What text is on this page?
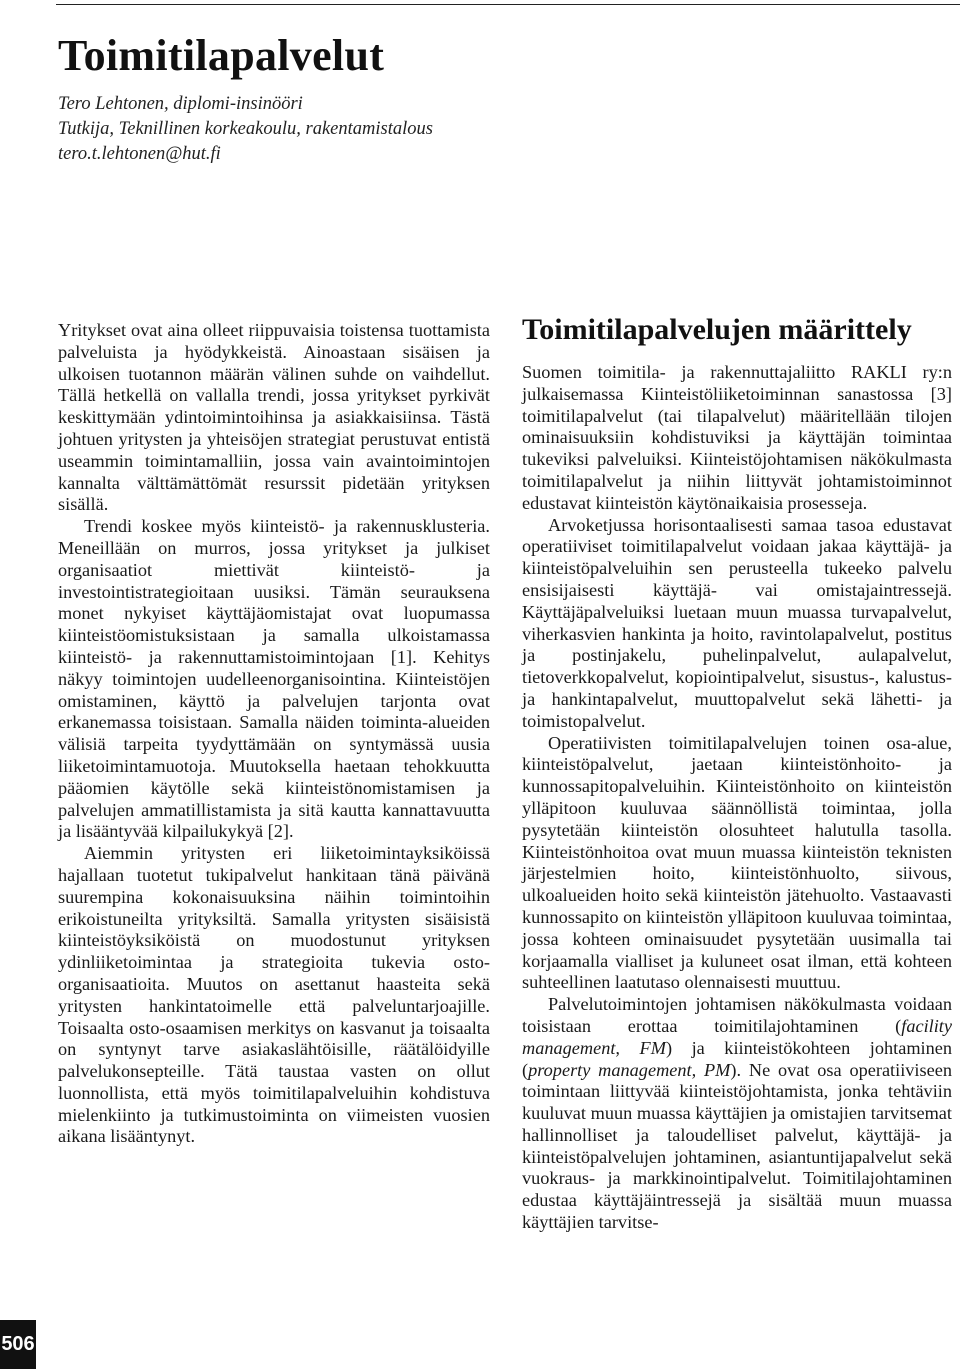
Toimitilapalvelut
Tero Lehtonen, diplomi-insinööri
Tutkija, Teknillinen korkeakoulu, rakentamistalous
tero.t.lehtonen@hut.fi

Yritykset ovat aina olleet riippuvaisia toistensa tuottamista palveluista ja hyödykkeistä. Ainoastaan sisäisen ja ulkoisen tuotannon määrän välinen suhde on vaihdellut. Tällä hetkellä on vallalla trendi, jossa yritykset pyrkivät keskittymään ydintoimintoihinsa ja asiakkaisiinsa. Tästä johtuen yritysten ja yhteisöjen strategiat perustuvat entistä useammin toimintamalliin, jossa vain avaintoimintojen kannalta välttämättömät resurssit pidetään yrityksen sisällä.

Trendi koskee myös kiinteistö- ja rakennusklusteria. Meneillään on murros, jossa yritykset ja julkiset organisaatiot miettivät kiinteistö- ja investointistrategioitaan uusiksi. Tämän seurauksena monet nykyiset käyttäjäomistajat ovat luopumassa kiinteistöomistuksistaan ja samalla ulkoistamassa kiinteistö- ja rakennuttamistoimintojaan [1]. Kehitys näkyy toimintojen uudelleenorganisointina. Kiinteistöjen omistaminen, käyttö ja palvelujen tarjonta ovat erkanemassa toisistaan. Samalla näiden toiminta-alueiden välisiä tarpeita tyydyttämään on syntymässä uusia liiketoimintamuotoja. Muutoksella haetaan tehokkuutta pääomien käytölle sekä kiinteistönomistamisen ja palvelujen ammatillistamista ja sitä kautta kannattavuutta ja lisääntyvää kilpailukykyä [2].

Aiemmin yritysten eri liiketoimintayksiköissä hajallaan tuotetut tukipalvelut hankitaan tänä päivänä suurempina kokonaisuuksina näihin toimintoihin erikoistuneilta yrityksiltä. Samalla yritysten sisäisistä kiinteistöyksiköistä on muodostunut yrityksen ydinliiketoimintaa ja strategioita tukevia osto-organisaatioita. Muutos on asettanut haasteita sekä yritysten hankintatoimelle että palveluntarjoajille. Toisaalta osto-osaamisen merkitys on kasvanut ja toisaalta on syntynyt tarve asiakaslähtöisille, räätälöidyille palvelukonsepteille. Tätä taustaa vasten on ollut luonnollista, että myös toimitilapalveluihin kohdistuva mielenkiinto ja tutkimustoiminta on viimeisten vuosien aikana lisääntynyt.

Toimitilapalvelujen määrittely

Suomen toimitila- ja rakennuttajaliitto RAKLI ry:n julkaisemassa Kiinteistöliiketoiminnan sanastossa [3] toimitilapalvelut (tai tilapalvelut) määritellään tilojen ominaisuuksiin kohdistuviksi ja käyttäjän toimintaa tukeviksi palveluiksi. Kiinteistöjohtamisen näkökulmasta toimitilapalvelut ja niihin liittyvät johtamistoiminnot edustavat kiinteistön käytönaikaisia prosesseja.

Arvoketjussa horisontaalisesti samaa tasoa edustavat operatiiviset toimitilapalvelut voidaan jakaa käyttäjä- ja kiinteistöpalveluihin sen perusteella tukeeko palvelu ensisijaisesti käyttäjä- vai omistajaintressejä. Käyttäjäpalveluiksi luetaan muun muassa turvapalvelut, viherkasvien hankinta ja hoito, ravintolapalvelut, postitus ja postinjakelu, puhelinpalvelut, aulapalvelut, tietoverkkopalvelut, kopiointipalvelut, sisustus-, kalustus- ja hankintapalvelut, muuttopalvelut sekä lähetti- ja toimistopalvelut.

Operatiivisten toimitilapalvelujen toinen osa-alue, kiinteistöpalvelut, jaetaan kiinteistönhoito- ja kunnossapitopalveluihin. Kiinteistönhoito on kiinteistön ylläpitoon kuuluvaa säännöllistä toimintaa, jolla pysytetään kiinteistön olosuhteet halutulla tasolla. Kiinteistönhoitoa ovat muun muassa kiinteistön teknisten järjestelmien hoito, kiinteistönhuolto, siivous, ulkoalueiden hoito sekä kiinteistön jätehuolto. Vastaavasti kunnossapito on kiinteistön ylläpitoon kuuluvaa toimintaa, jossa kohteen ominaisuudet pysytetään uusimalla tai korjaamalla vialliset ja kuluneet osat ilman, että kohteen suhteellinen laatutaso olennaisesti muuttuu.

Palvelutoimintojen johtamisen näkökulmasta voidaan toisistaan erottaa toimitilajohtaminen (facility management, FM) ja kiinteistökohteen johtaminen (property management, PM). Ne ovat osa operatiiviseen toimintaan liittyvää kiinteistöjohtamista, jonka tehtäviin kuuluvat muun muassa käyttäjien ja omistajien tarvitsemat hallinnolliset ja taloudelliset palvelut, käyttäjä- ja kiinteistöpalvelujen johtaminen, asiantuntijapalvelut sekä vuokraus- ja markkinointipalvelut. Toimitilajohtaminen edustaa käyttäjäintressejä ja sisältää muun muassa käyttäjien tarvitse-

506
